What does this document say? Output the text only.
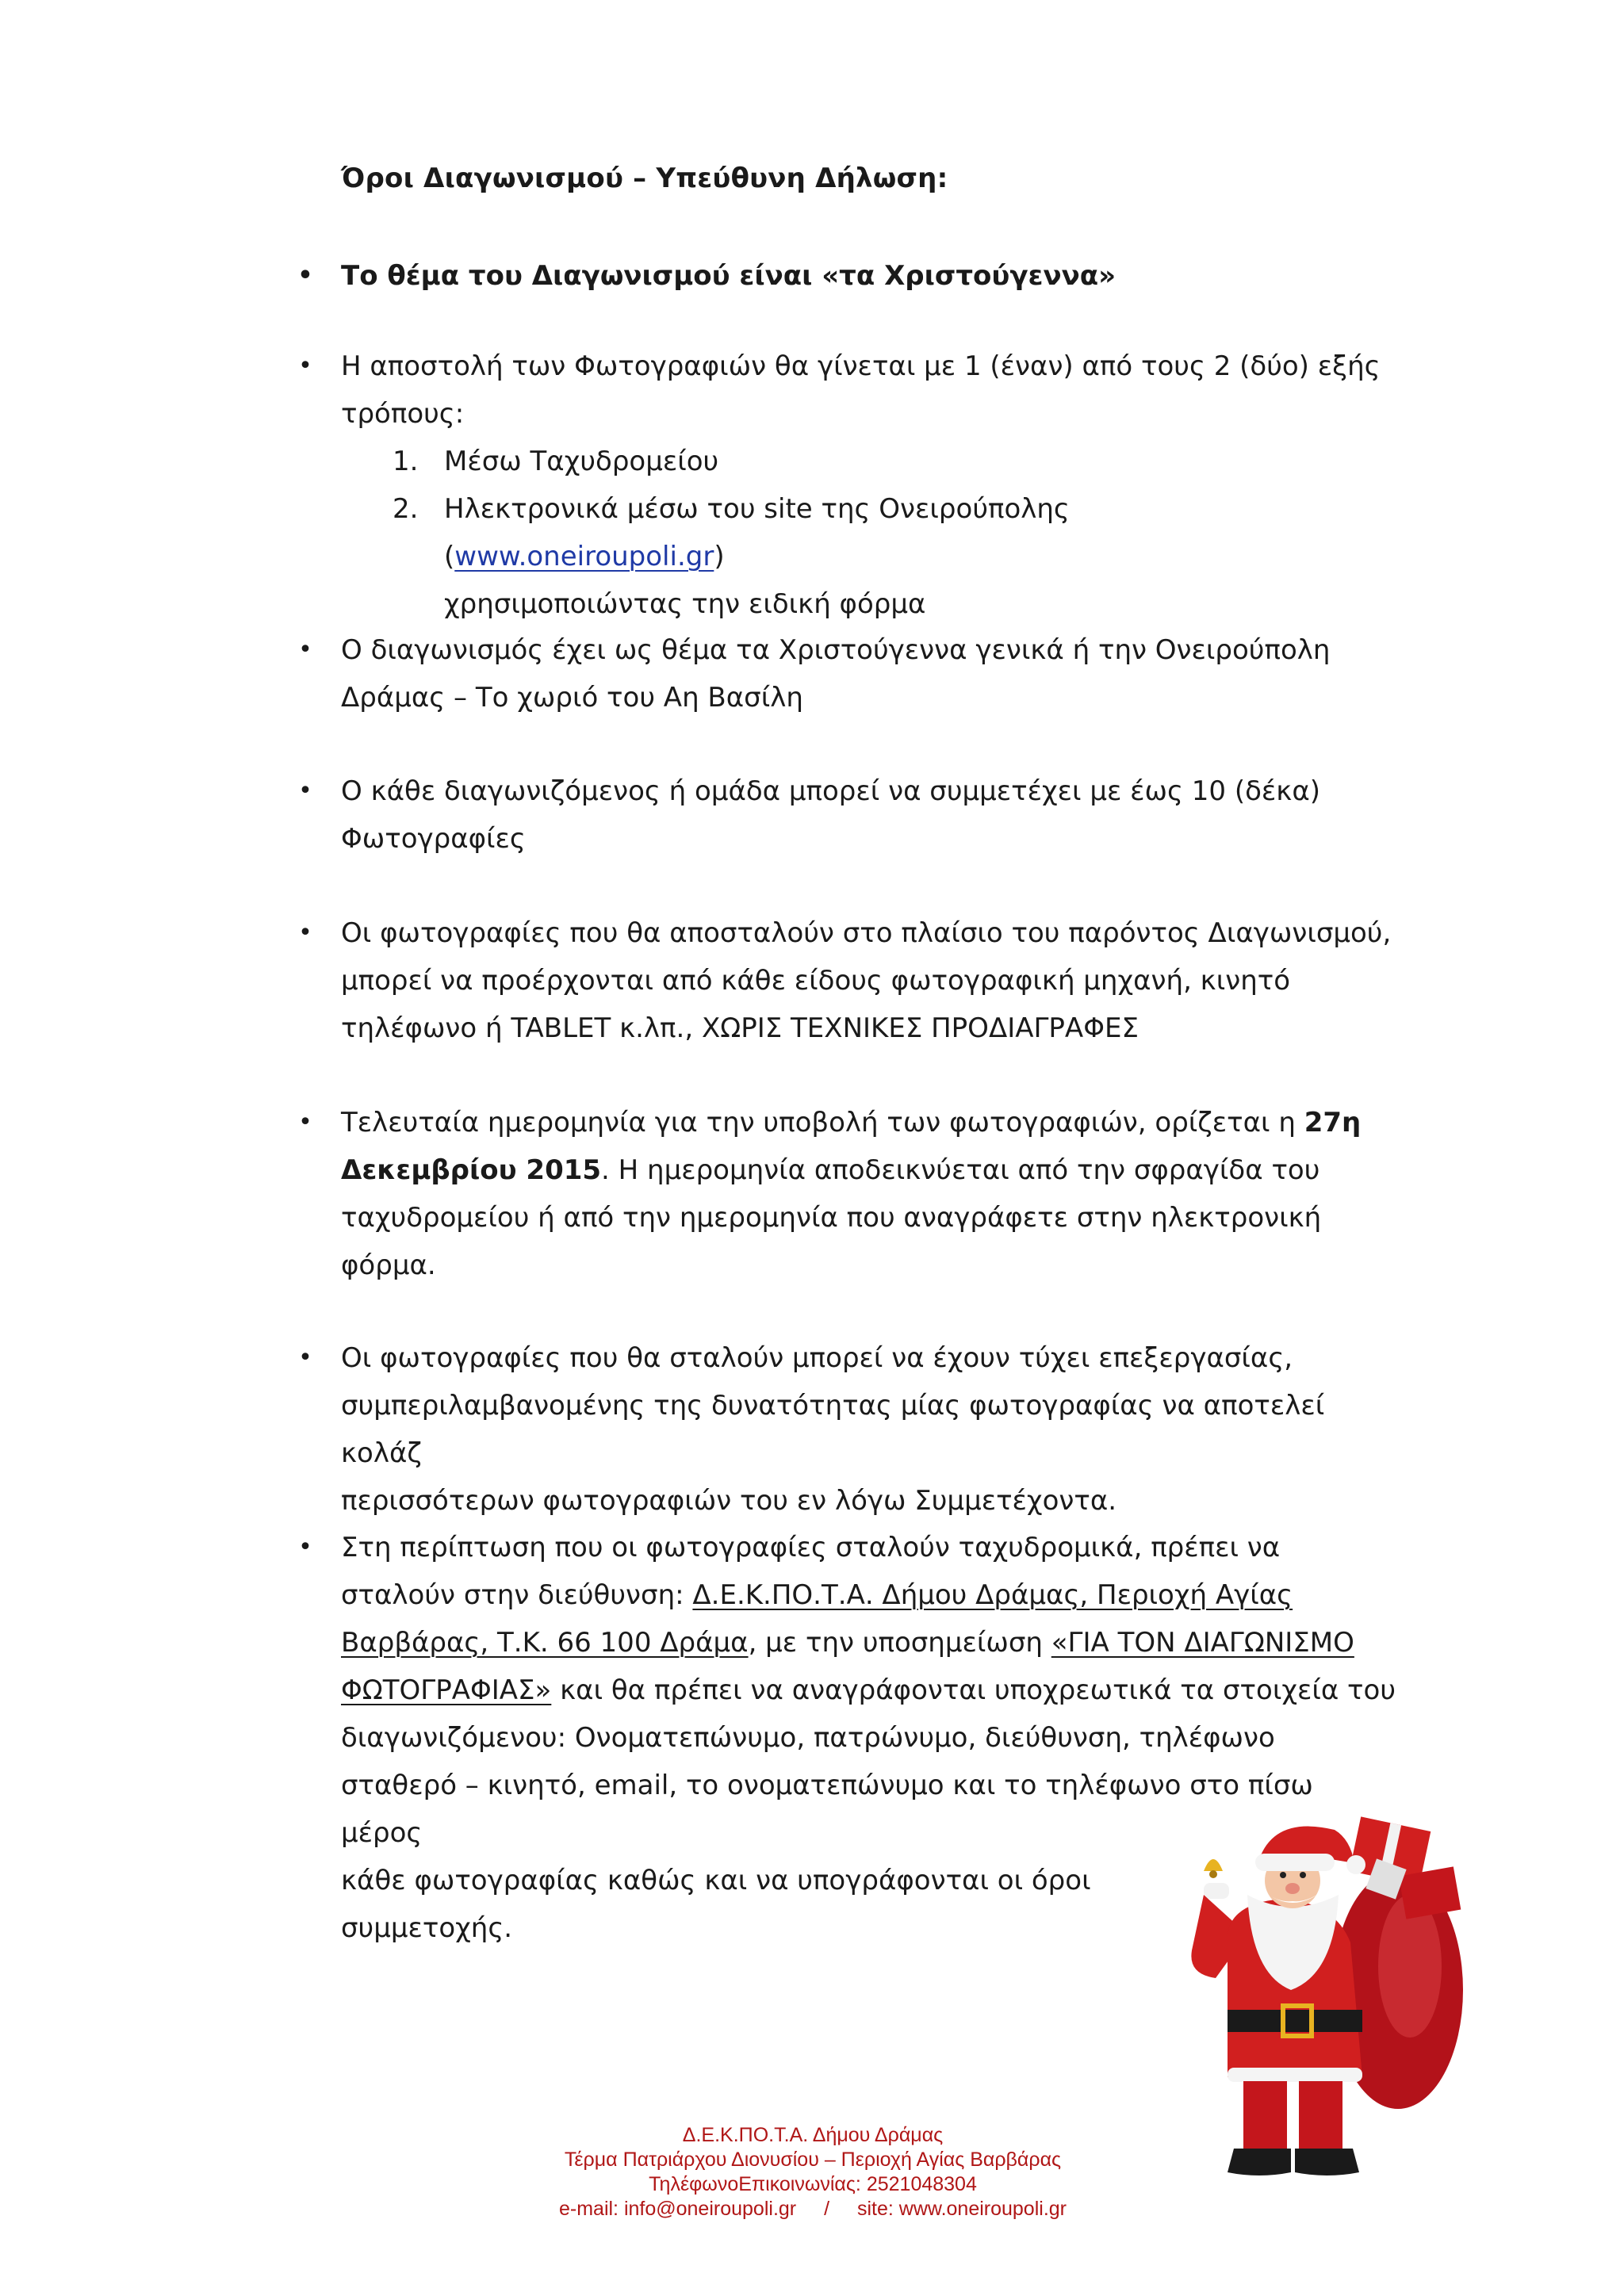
Όροι Διαγωνισμού – Υπεύθυνη Δήλωση:
• Το θέμα του Διαγωνισμού είναι «τα Χριστούγεννα»
• Η αποστολή των Φωτογραφιών θα γίνεται με 1 (έναν) από τους 2 (δύο) εξής
τρόπους:
1. Μέσω Ταχυδρομείου
2. Ηλεκτρονικά μέσω του site της Ονειρούπολης (www.oneiroupoli.gr)
χρησιμοποιώντας την ειδική φόρμα
• Ο διαγωνισμός έχει ως θέμα τα Χριστούγεννα γενικά ή την Ονειρούπολη
Δράμας – Το χωριό του Αη Βασίλη
• Ο κάθε διαγωνιζόμενος ή ομάδα μπορεί να συμμετέχει με έως 10 (δέκα)
Φωτογραφίες
• Οι φωτογραφίες που θα αποσταλούν στο πλαίσιο του παρόντος Διαγωνισμού,
μπορεί να προέρχονται από κάθε είδους φωτογραφική μηχανή, κινητό
τηλέφωνο ή TABLET κ.λπ., ΧΩΡΙΣ ΤΕΧΝΙΚΕΣ ΠΡΟΔΙΑΓΡΑΦΕΣ
• Τελευταία ημερομηνία για την υποβολή των φωτογραφιών, ορίζεται η 27η
Δεκεμβρίου 2015. Η ημερομηνία αποδεικνύεται από την σφραγίδα του
ταχυδρομείου ή από την ημερομηνία που αναγράφετε στην ηλεκτρονική
φόρμα.
• Οι φωτογραφίες που θα σταλούν μπορεί να έχουν τύχει επεξεργασίας,
συμπεριλαμβανομένης της δυνατότητας μίας φωτογραφίας να αποτελεί κολάζ
περισσότερων φωτογραφιών του εν λόγω Συμμετέχοντα.
• Στη περίπτωση που οι φωτογραφίες σταλούν ταχυδρομικά, πρέπει να
σταλούν στην διεύθυνση: Δ.Ε.Κ.ΠΟ.Τ.Α. Δήμου Δράμας, Περιοχή Αγίας
Βαρβάρας, Τ.Κ. 66 100 Δράμα, με την υποσημείωση «ΓΙΑ ΤΟΝ ΔΙΑΓΩΝΙΣΜΟ
ΦΩΤΟΓΡΑΦΙΑΣ» και θα πρέπει να αναγράφονται υποχρεωτικά τα στοιχεία του
διαγωνιζόμενου: Ονοματεπώνυμο, πατρώνυμο, διεύθυνση, τηλέφωνο
σταθερό – κινητό, email, το ονοματεπώνυμο και το τηλέφωνο στο πίσω μέρος
κάθε φωτογραφίας καθώς και να υπογράφονται οι όροι
συμμετοχής.
Δ.Ε.Κ.ΠΟ.Τ.Α. Δήμου Δράμας
Τέρμα Πατριάρχου Διονυσίου – Περιοχή Αγίας Βαρβάρας
ΤηλέφωνοΕπικοινωνίας: 2521048304
e-mail: info@oneiroupoli.gr / site: www.oneiroupoli.gr
